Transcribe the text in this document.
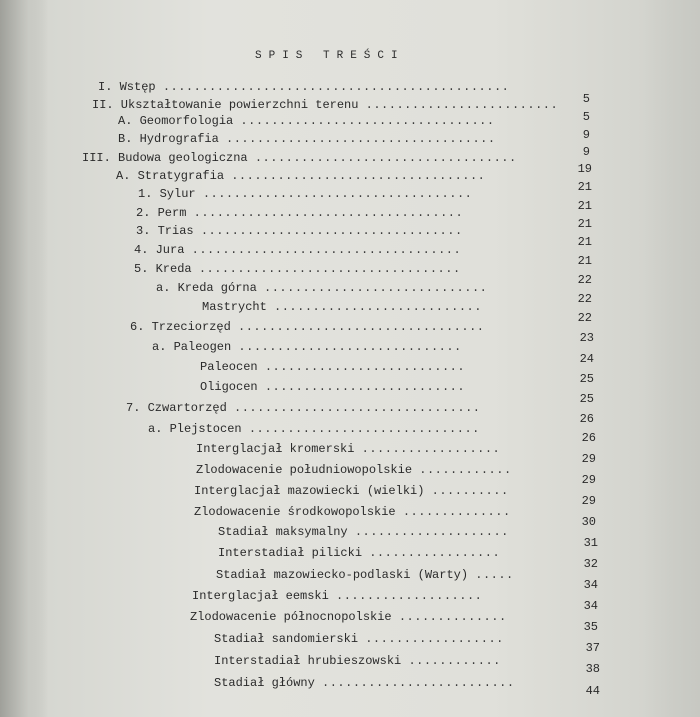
SPIS TREŚCI
I. Wstęp .............................................
II. Ukształtowanie powierzchni terenu .........................
A. Geomorfologia .................................
B. Hydrografia ...................................
III. Budowa geologiczna ..................................
A. Stratygrafia .................................
1. Sylur ...................................
2. Perm ...................................
3. Trias ..................................
4. Jura ...................................
5. Kreda ..................................
a. Kreda górna .............................
Mastrycht ...........................
6. Trzeciorzęd ................................
a. Paleogen .............................
Paleocen ..........................
Oligocen ..........................
7. Czwartorzęd ................................
a. Plejstocen ..............................
Interglacjał kromerski ..................
Zlodowacenie południowopolskie ............
Interglacjał mazowiecki (wielki) ..........
Zlodowacenie środkowopolskie ..............
Stadiał maksymalny ....................
Interstadiał pilicki .................
Stadiał mazowiecko-podlaski (Warty) .....
Interglacjał eemski ...................
Zlodowacenie północnopolskie ..............
Stadiał sandomierski ..................
Interstadiał hrubieszowski ............
Stadiał główny .........................
5
5
9
9
19
21
21
21
21
21
22
22
22
23
24
25
25
26
26
29
29
29
30
31
32
34
34
35
37
38
44
